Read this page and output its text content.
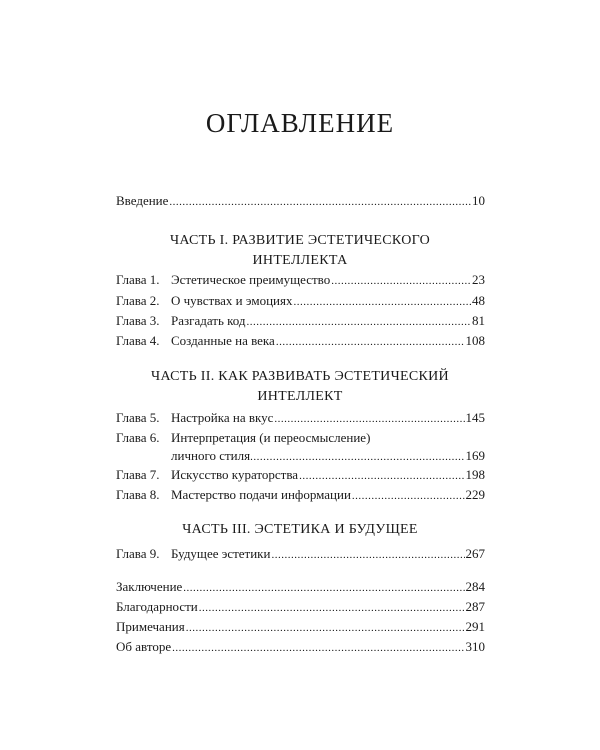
ОГЛАВЛЕНИЕ
Введение .....	10
ЧАСТЬ I. РАЗВИТИЕ ЭСТЕТИЧЕСКОГО
ИНТЕЛЛЕКТА
Глава 1. Эстетическое преимущество .....	23
Глава 2. О чувствах и эмоциях .....	48
Глава 3. Разгадать код .....	81
Глава 4. Созданные на века .....	108
ЧАСТЬ II. КАК РАЗВИВАТЬ ЭСТЕТИЧЕСКИЙ
ИНТЕЛЛЕКТ
Глава 5. Настройка на вкус .....	145
Глава 6. Интерпретация (и переосмысление)
личного стиля .....	169
Глава 7. Искусство кураторства .....	198
Глава 8. Мастерство подачи информации .....	229
ЧАСТЬ III. ЭСТЕТИКА И БУДУЩЕЕ
Глава 9. Будущее эстетики .....	267
Заключение .....	284
Благодарности .....	287
Примечания .....	291
Об авторе .....	310
